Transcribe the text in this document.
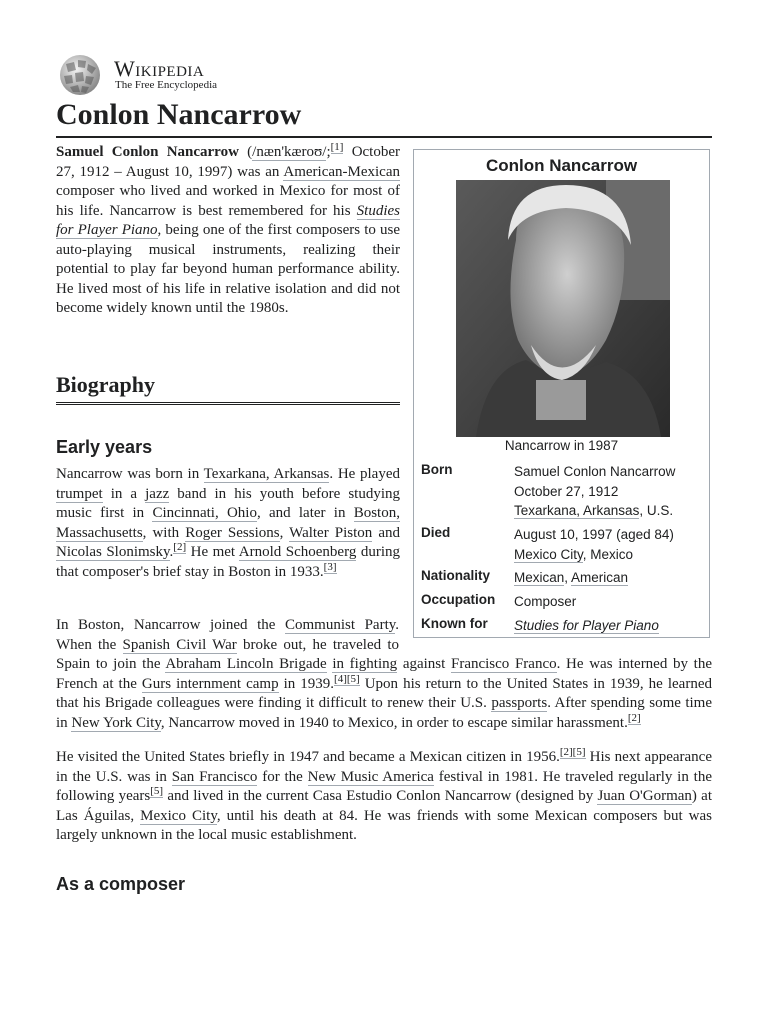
Wikipedia
The Free Encyclopedia
Conlon Nancarrow
Conlon Nancarrow
Nancarrow in 1987
Born	Samuel Conlon Nancarrow
October 27, 1912
Texarkana, Arkansas, U.S.
Died	August 10, 1997 (aged 84)
Mexico City, Mexico
Nationality Mexican, American
Occupation Composer
Known for Studies for Player Piano

Samuel Conlon Nancarrow (/næn'kæroʊ/;[1] October 27, 1912 – August 10, 1997) was an American-Mexican composer who lived and worked in Mexico for most of his life. Nancarrow is best remembered for his Studies for Player Piano, being one of the first composers to use auto-playing musical instruments, realizing their potential to play far beyond human performance ability. He lived most of his life in relative isolation and did not become widely known until the 1980s.

Biography
Early years

Nancarrow was born in Texarkana, Arkansas. He played trumpet in a jazz band in his youth before studying music first in Cincinnati, Ohio, and later in Boston, Massachusetts, with Roger Sessions, Walter Piston and Nicolas Slonimsky.[2] He met Arnold Schoenberg during that composer's brief stay in Boston in 1933.[3]

In Boston, Nancarrow joined the Communist Party. When the Spanish Civil War broke out, he traveled to Spain to join the Abraham Lincoln Brigade in fighting against Francisco Franco. He was interned by the French at the Gurs internment camp in 1939.[4][5] Upon his return to the United States in 1939, he learned that his Brigade colleagues were finding it difficult to renew their U.S. passports. After spending some time in New York City, Nancarrow moved in 1940 to Mexico, in order to escape similar harassment.[2]

He visited the United States briefly in 1947 and became a Mexican citizen in 1956.[2][5] His next appearance in the U.S. was in San Francisco for the New Music America festival in 1981. He traveled regularly in the following years[5] and lived in the current Casa Estudio Conlon Nancarrow (designed by Juan O'Gorman) at Las Águilas, Mexico City, until his death at 84. He was friends with some Mexican composers but was largely unknown in the local music establishment.

As a composer
